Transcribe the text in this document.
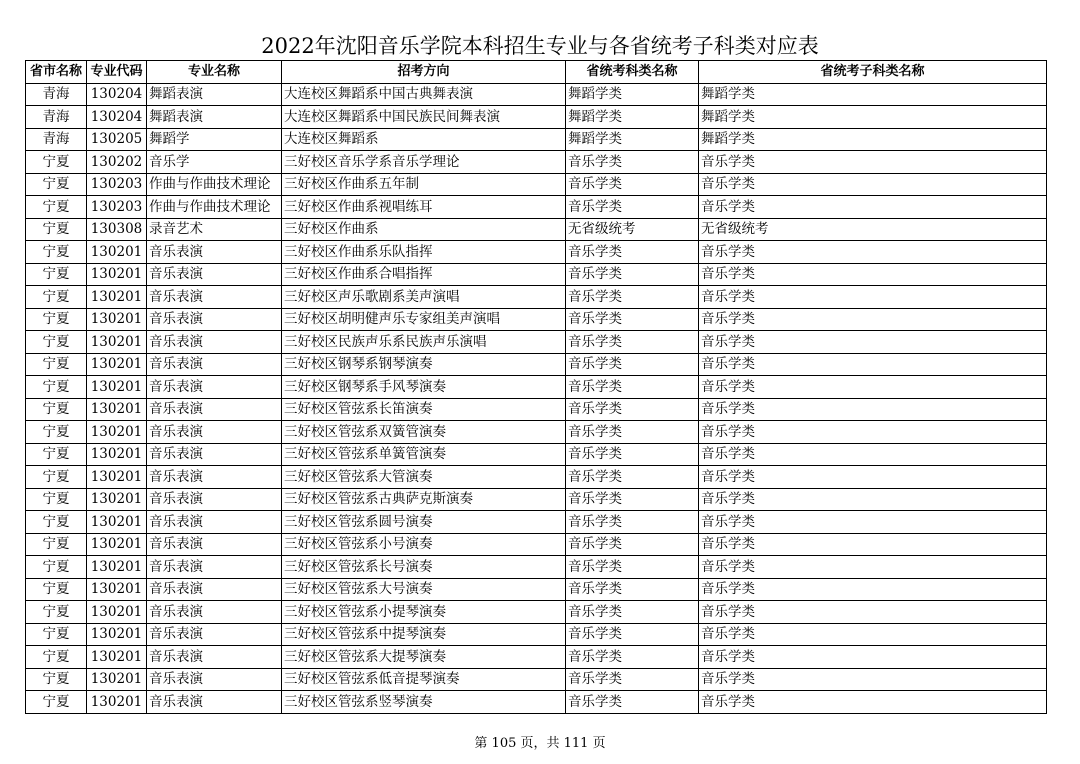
2022年沈阳音乐学院本科招生专业与各省统考子科类对应表
省市名称	专业代码	专业名称	招考方向	省统考科类名称	省统考子科类名称
青海	130204	舞蹈表演	大连校区舞蹈系中国古典舞表演	舞蹈学类	舞蹈学类
青海	130204	舞蹈表演	大连校区舞蹈系中国民族民间舞表演	舞蹈学类	舞蹈学类
青海	130205	舞蹈学	大连校区舞蹈系	舞蹈学类	舞蹈学类
宁夏	130202	音乐学	三好校区音乐学系音乐学理论	音乐学类	音乐学类
宁夏	130203	作曲与作曲技术理论	三好校区作曲系五年制	音乐学类	音乐学类
宁夏	130203	作曲与作曲技术理论	三好校区作曲系视唱练耳	音乐学类	音乐学类
宁夏	130308	录音艺术	三好校区作曲系	无省级统考	无省级统考
宁夏	130201	音乐表演	三好校区作曲系乐队指挥	音乐学类	音乐学类
宁夏	130201	音乐表演	三好校区作曲系合唱指挥	音乐学类	音乐学类
宁夏	130201	音乐表演	三好校区声乐歌剧系美声演唱	音乐学类	音乐学类
宁夏	130201	音乐表演	三好校区胡明健声乐专家组美声演唱	音乐学类	音乐学类
宁夏	130201	音乐表演	三好校区民族声乐系民族声乐演唱	音乐学类	音乐学类
宁夏	130201	音乐表演	三好校区钢琴系钢琴演奏	音乐学类	音乐学类
宁夏	130201	音乐表演	三好校区钢琴系手风琴演奏	音乐学类	音乐学类
宁夏	130201	音乐表演	三好校区管弦系长笛演奏	音乐学类	音乐学类
宁夏	130201	音乐表演	三好校区管弦系双簧管演奏	音乐学类	音乐学类
宁夏	130201	音乐表演	三好校区管弦系单簧管演奏	音乐学类	音乐学类
宁夏	130201	音乐表演	三好校区管弦系大管演奏	音乐学类	音乐学类
宁夏	130201	音乐表演	三好校区管弦系古典萨克斯演奏	音乐学类	音乐学类
宁夏	130201	音乐表演	三好校区管弦系圆号演奏	音乐学类	音乐学类
宁夏	130201	音乐表演	三好校区管弦系小号演奏	音乐学类	音乐学类
宁夏	130201	音乐表演	三好校区管弦系长号演奏	音乐学类	音乐学类
宁夏	130201	音乐表演	三好校区管弦系大号演奏	音乐学类	音乐学类
宁夏	130201	音乐表演	三好校区管弦系小提琴演奏	音乐学类	音乐学类
宁夏	130201	音乐表演	三好校区管弦系中提琴演奏	音乐学类	音乐学类
宁夏	130201	音乐表演	三好校区管弦系大提琴演奏	音乐学类	音乐学类
宁夏	130201	音乐表演	三好校区管弦系低音提琴演奏	音乐学类	音乐学类
宁夏	130201	音乐表演	三好校区管弦系竖琴演奏	音乐学类	音乐学类
第 105 页，共 111 页
